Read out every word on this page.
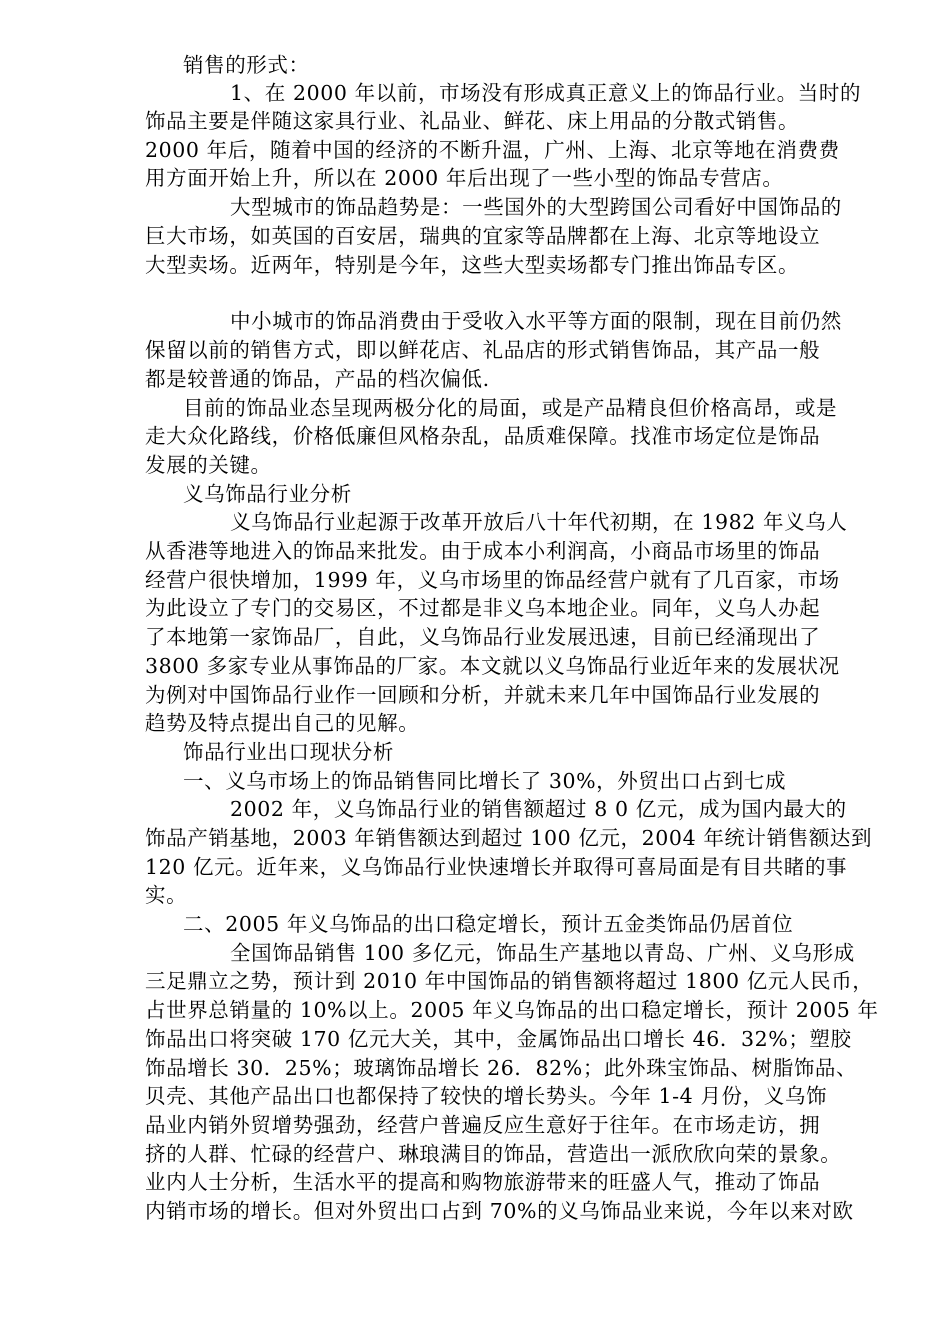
销售的形式：
1、在 2000 年以前，市场没有形成真正意义上的饰品行业。当时的
饰品主要是伴随这家具行业、礼品业、鲜花、床上用品的分散式销售。
2000 年后，随着中国的经济的不断升温，广州、上海、北京等地在消费费
用方面开始上升，所以在 2000 年后出现了一些小型的饰品专营店。
大型城市的饰品趋势是：一些国外的大型跨国公司看好中国饰品的
巨大市场，如英国的百安居，瑞典的宜家等品牌都在上海、北京等地设立
大型卖场。近两年，特别是今年，这些大型卖场都专门推出饰品专区。
中小城市的饰品消费由于受收入水平等方面的限制，现在目前仍然
保留以前的销售方式，即以鲜花店、礼品店的形式销售饰品，其产品一般
都是较普通的饰品，产品的档次偏低.
目前的饰品业态呈现两极分化的局面，或是产品精良但价格高昂，或是
走大众化路线，价格低廉但风格杂乱，品质难保障。找准市场定位是饰品
发展的关键。
义乌饰品行业分析
义乌饰品行业起源于改革开放后八十年代初期，在 1982 年义乌人
从香港等地进入的饰品来批发。由于成本小利润高，小商品市场里的饰品
经营户很快增加，1999 年，义乌市场里的饰品经营户就有了几百家，市场
为此设立了专门的交易区，不过都是非义乌本地企业。同年，义乌人办起
了本地第一家饰品厂，自此，义乌饰品行业发展迅速，目前已经涌现出了
3800 多家专业从事饰品的厂家。本文就以义乌饰品行业近年来的发展状况
为例对中国饰品行业作一回顾和分析，并就未来几年中国饰品行业发展的
趋势及特点提出自己的见解。
饰品行业出口现状分析
一、义乌市场上的饰品销售同比增长了 30%，外贸出口占到七成
2002 年，义乌饰品行业的销售额超过 8 0 亿元，成为国内最大的
饰品产销基地，2003 年销售额达到超过 100 亿元，2004 年统计销售额达到
120 亿元。近年来，义乌饰品行业快速增长并取得可喜局面是有目共睹的事
实。
二、2005 年义乌饰品的出口稳定增长，预计五金类饰品仍居首位
全国饰品销售 100 多亿元，饰品生产基地以青岛、广州、义乌形成
三足鼎立之势，预计到 2010 年中国饰品的销售额将超过 1800 亿元人民币，
占世界总销量的 10%以上。2005 年义乌饰品的出口稳定增长，预计 2005 年
饰品出口将突破 170 亿元大关，其中，金属饰品出口增长 46．32%；塑胶
饰品增长 30．25%；玻璃饰品增长 26．82%；此外珠宝饰品、树脂饰品、
贝壳、其他产品出口也都保持了较快的增长势头。今年 1-4 月份，义乌饰
品业内销外贸增势强劲，经营户普遍反应生意好于往年。在市场走访，拥
挤的人群、忙碌的经营户、琳琅满目的饰品，营造出一派欣欣向荣的景象。
业内人士分析，生活水平的提高和购物旅游带来的旺盛人气，推动了饰品
内销市场的增长。但对外贸出口占到 70%的义乌饰品业来说，今年以来对欧
